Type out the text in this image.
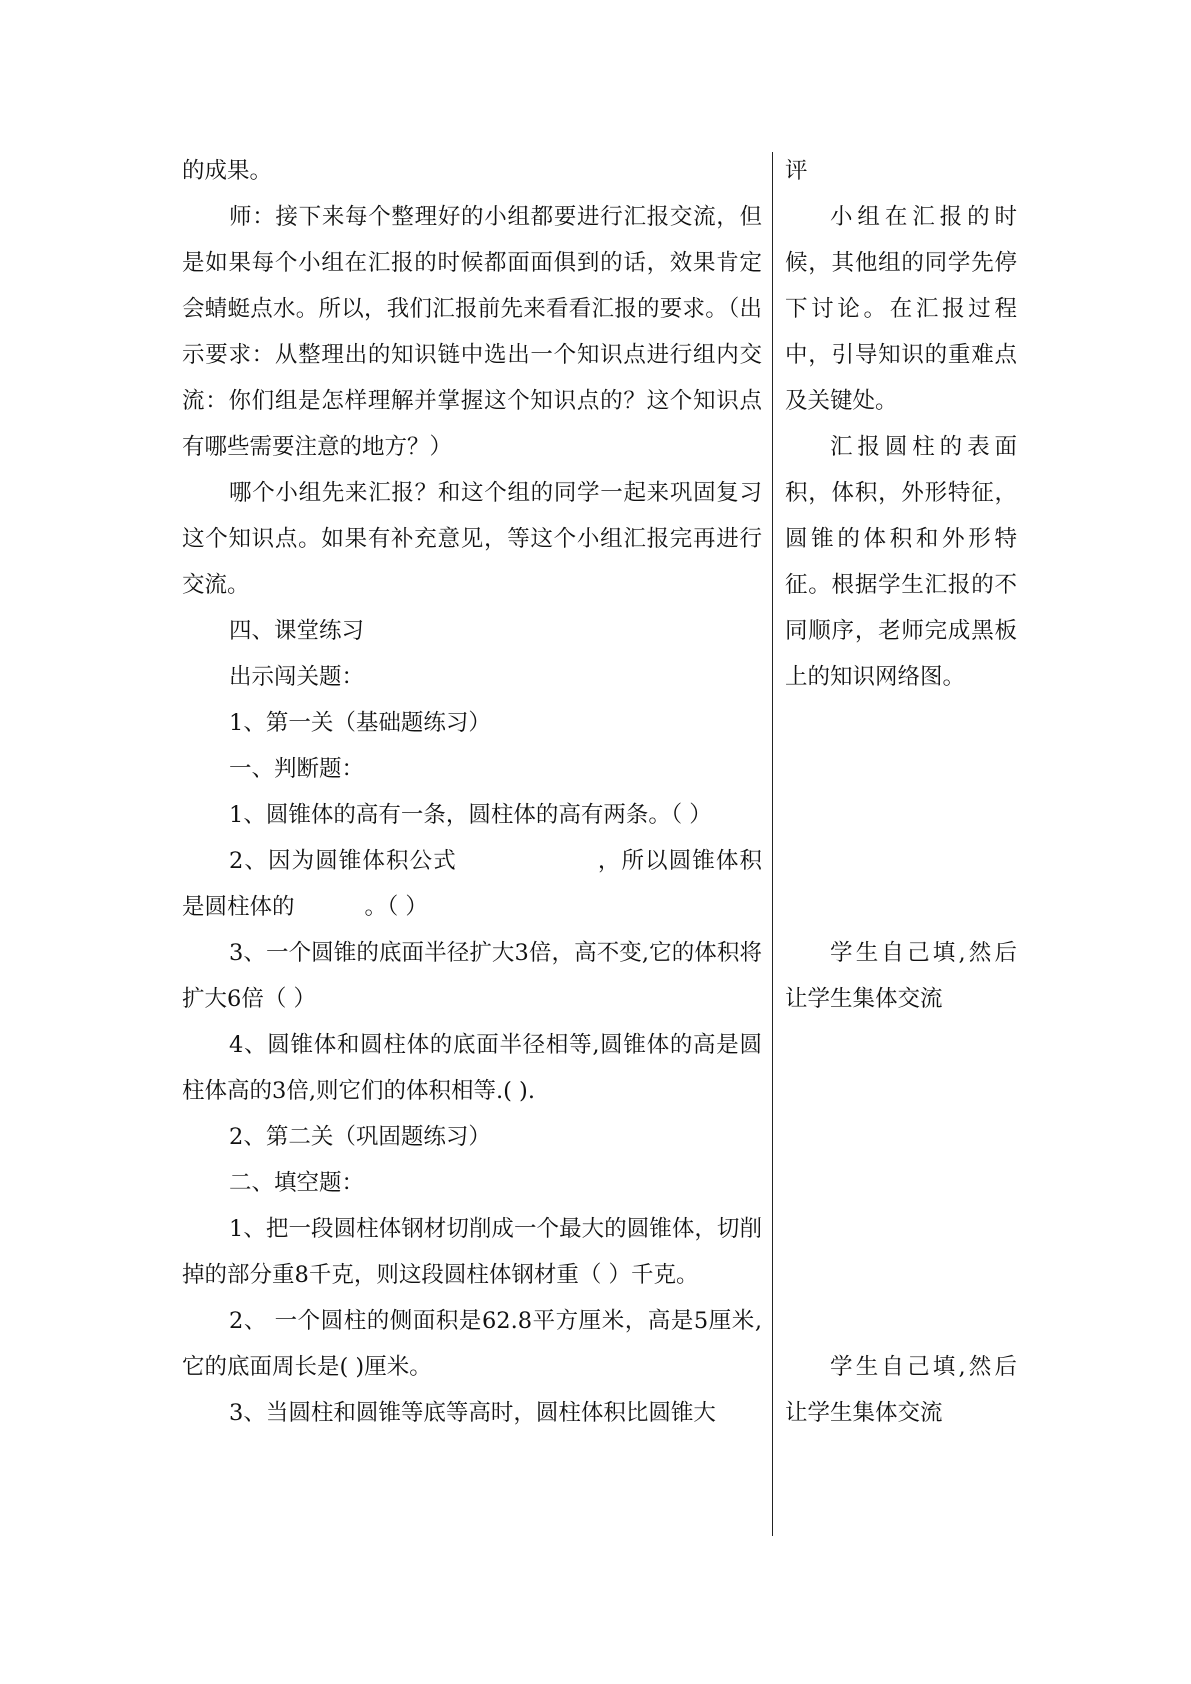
的成果。

师：接下来每个整理好的小组都要进行汇报交流，但是如果每个小组在汇报的时候都面面俱到的话，效果肯定会蜻蜓点水。所以，我们汇报前先来看看汇报的要求。（出示要求：从整理出的知识链中选出一个知识点进行组内交流：你们组是怎样理解并掌握这个知识点的？这个知识点有哪些需要注意的地方？）

哪个小组先来汇报？和这个组的同学一起来巩固复习这个知识点。如果有补充意见，等这个小组汇报完再进行交流。

四、课堂练习

出示闯关题：

1、第一关（基础题练习）

一、判断题：

1、圆锥体的高有一条，圆柱体的高有两条。（ ）

2、因为圆锥体积公式	，所以圆锥体积是圆柱体的	。（ ）

3、一个圆锥的底面半径扩大3倍，高不变,它的体积将扩大6倍（ ）

4、圆锥体和圆柱体的底面半径相等,圆锥体的高是圆柱体高的3倍,则它们的体积相等.( ).

2、第二关（巩固题练习）

二、填空题：

1、把一段圆柱体钢材切削成一个最大的圆锥体，切削掉的部分重8千克，则这段圆柱体钢材重（ ）千克。

2、 一个圆柱的侧面积是62.8平方厘米，高是5厘米,它的底面周长是( )厘米。

3、当圆柱和圆锥等底等高时，圆柱体积比圆锥大

评

小组在汇报的时候，其他组的同学先停下讨论。在汇报过程中，引导知识的重难点及关键处。

汇报圆柱的表面积，体积，外形特征，圆锥的体积和外形特征。根据学生汇报的不同顺序，老师完成黑板上的知识网络图。

学生自己填,然后让学生集体交流

学生自己填,然后让学生集体交流
